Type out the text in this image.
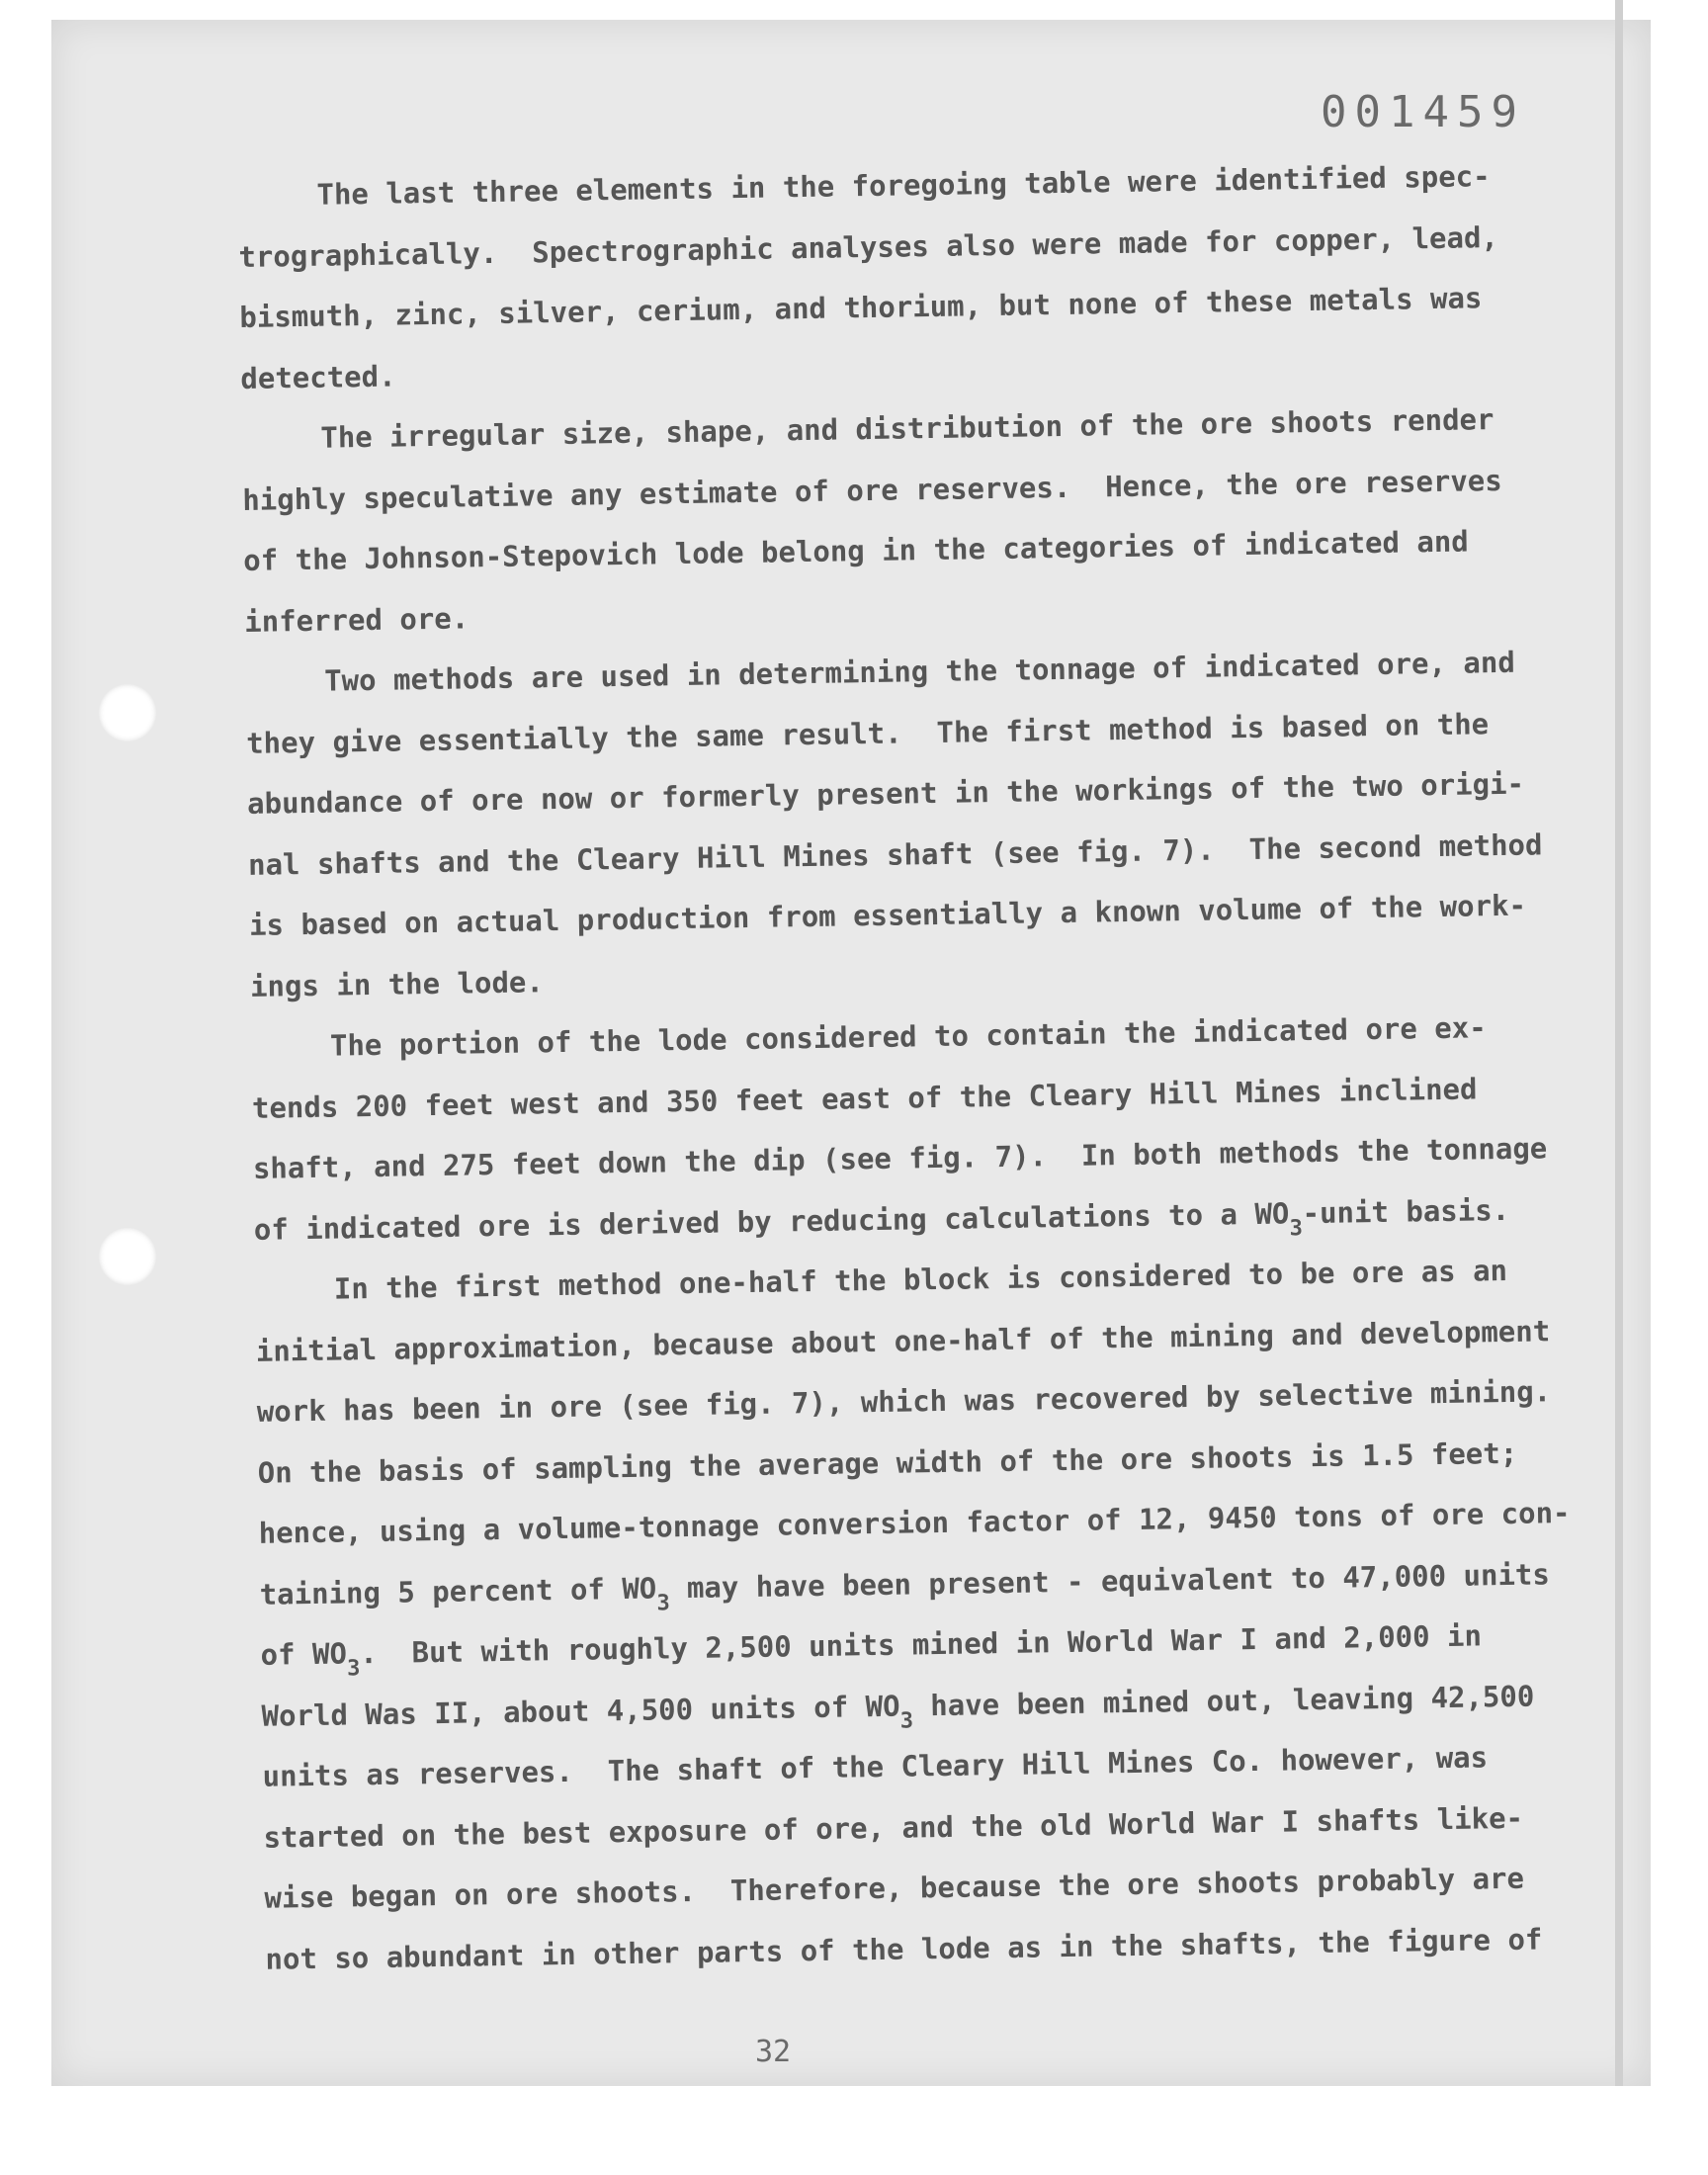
001459
The last three elements in the foregoing table were identified spec-
trographically.  Spectrographic analyses also were made for copper, lead,
bismuth, zinc, silver, cerium, and thorium, but none of these metals was
detected.
The irregular size, shape, and distribution of the ore shoots render
highly speculative any estimate of ore reserves.  Hence, the ore reserves
of the Johnson-Stepovich lode belong in the categories of indicated and
inferred ore.
Two methods are used in determining the tonnage of indicated ore, and
they give essentially the same result.  The first method is based on the
abundance of ore now or formerly present in the workings of the two origi-
nal shafts and the Cleary Hill Mines shaft (see fig. 7).  The second method
is based on actual production from essentially a known volume of the work-
ings in the lode.
The portion of the lode considered to contain the indicated ore ex-
tends 200 feet west and 350 feet east of the Cleary Hill Mines inclined
shaft, and 275 feet down the dip (see fig. 7).  In both methods the tonnage
of indicated ore is derived by reducing calculations to a $WO_3$-unit basis.
In the first method one-half the block is considered to be ore as an
initial approximation, because about one-half of the mining and development
work has been in ore (see fig. 7), which was recovered by selective mining.
On the basis of sampling the average width of the ore shoots is 1.5 feet;
hence, using a volume-tonnage conversion factor of 12, 9450 tons of ore con-
taining 5 percent of $WO_3$ may have been present - equivalent to 47,000 units
of $WO_3$.  But with roughly 2,500 units mined in World War I and 2,000 in
World Was II, about 4,500 units of $WO_3$ have been mined out, leaving 42,500
units as reserves.  The shaft of the Cleary Hill Mines Co. however, was
started on the best exposure of ore, and the old World War I shafts like-
wise began on ore shoots.  Therefore, because the ore shoots probably are
not so abundant in other parts of the lode as in the shafts, the figure of
32
